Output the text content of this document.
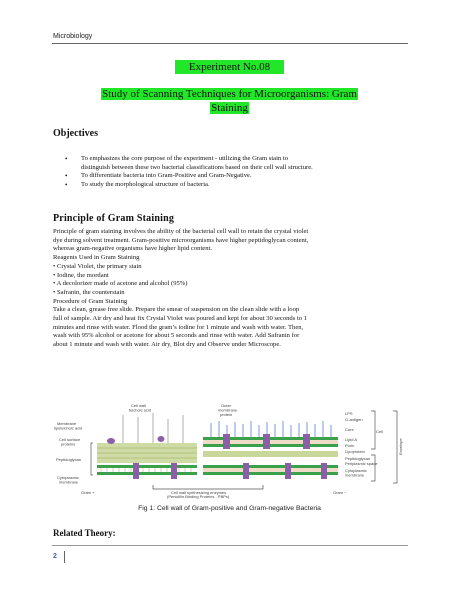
Microbiology
Experiment No.08
Study of Scanning Techniques for Microorganisms: Gram
Staining
Objectives
• To emphasizes the core purpose of the experiment - utilizing the Gram stain to
distinguish between these two bacterial classifications based on their cell wall structure.
• To differentiate bacteria into Gram-Positive and Gram-Negative.
• To study the morphological structure of bacteria.
Principle of Gram Staining
Principle of gram staining involves the ability of the bacterial cell wall to retain the crystal violet
dye during solvent treatment. Gram-positive microorganisms have higher peptidoglycan content,
whereas gram-negative organisms have higher lipid content.
Reagents Used in Gram Staining
• Crystal Violet, the primary stain
• Iodine, the mordant
• A decolorizer made of acetone and alcohol (95%)
• Safranin, the counterstain
Procedure of Gram Staining
Take a clean, grease free slide. Prepare the smear of suspension on the clean slide with a loop
full of sample. Air dry and heat fix Crystal Violet was poured and kept for about 30 seconds to 1
minutes and rinse with water. Flood the gram’s iodine for 1 minute and wash with water. Then,
wash with 95% alcohol or acetone for about 5 seconds and rinse with water. Add Safranin for
about 1 minute and wash with water. Air dry, Blot dry and Observe under Microscope.
Cell wall teichoic acid
Membrane lipoteichoic acid
Cell surface proteins
Peptidoglycan
Cytoplasmic membrane
Gram +
Outer membrane protein	LPS
O-antigen
Core
Lipid A
Porin
Lipoprotein
Peptidoglycan
Periplasmic space
Cytoplasmic membrane
Gram −
Cell
Envelope
Cell wall synthesizing enzymes (Penicillin Binding Proteins - PBPs)
Fig 1: Cell wall of Gram-positive and Gram-negative Bacteria
Related Theory:
2
